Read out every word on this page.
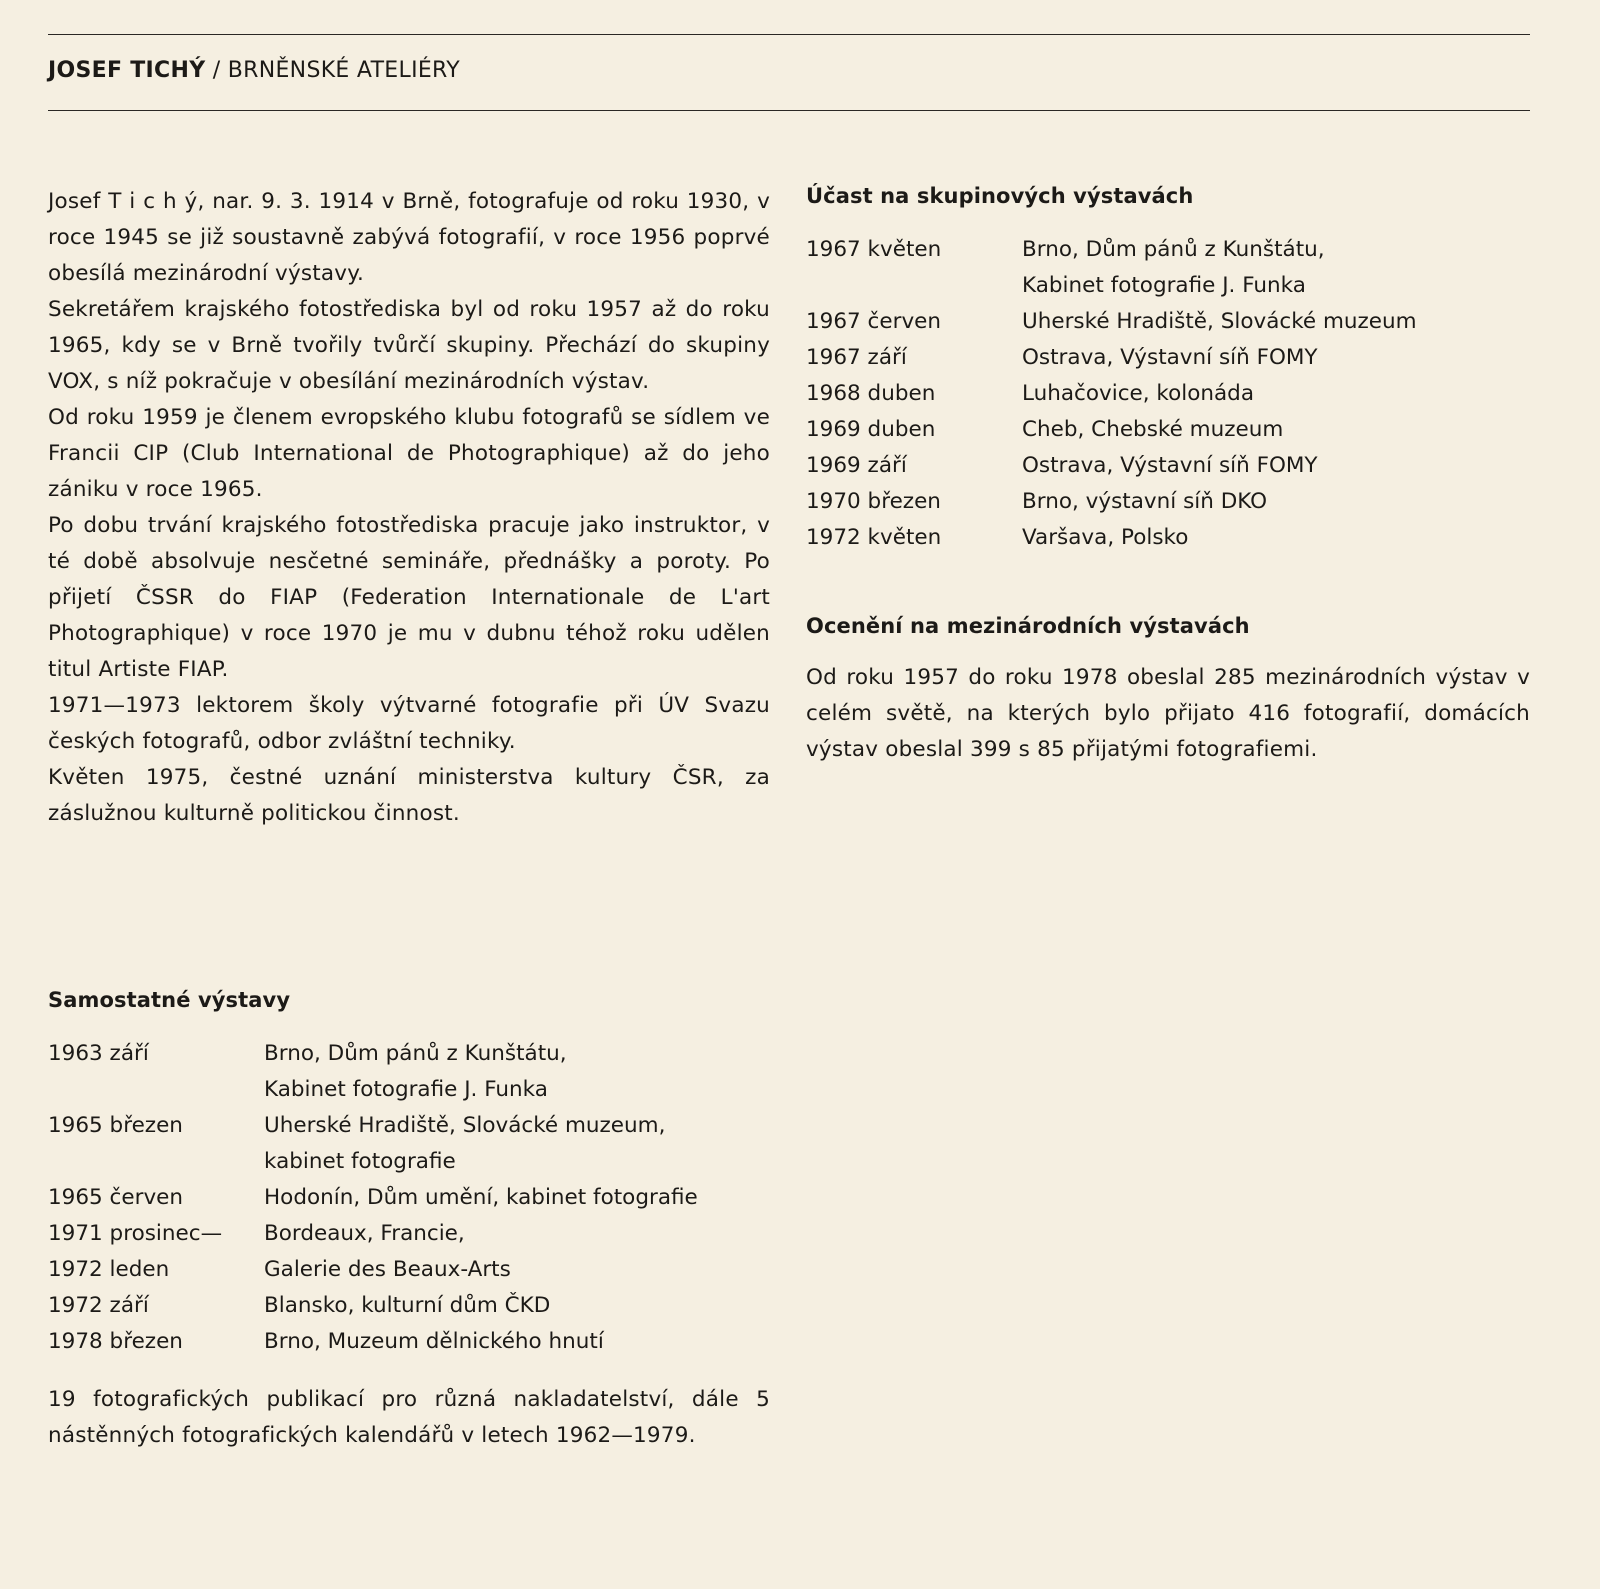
JOSEF TICHÝ / BRNĚNSKÉ ATELIÉRY

Josef T i c h ý, nar. 9. 3. 1914 v Brně, fotografuje od roku 1930, v roce 1945 se již soustavně zabývá fotografií, v roce 1956 poprvé obesílá mezinárodní výstavy.

Sekretářem krajského fotostřediska byl od roku 1957 až do roku 1965, kdy se v Brně tvořily tvůrčí skupiny. Přechází do skupiny VOX, s níž pokračuje v obesílání mezinárodních výstav.

Od roku 1959 je členem evropského klubu fotografů se sídlem ve Francii CIP (Club International de Photographique) až do jeho zániku v roce 1965.

Po dobu trvání krajského fotostřediska pracuje jako instruktor, v té době absolvuje nesčetné semináře, přednášky a poroty. Po přijetí ČSSR do FIAP (Federation Internationale de L'art Photographique) v roce 1970 je mu v dubnu téhož roku udělen titul Artiste FIAP.

1971—1973 lektorem školy výtvarné fotografie při ÚV Svazu českých fotografů, odbor zvláštní techniky.

Květen 1975, čestné uznání ministerstva kultury ČSR, za záslužnou kulturně politickou činnost.

Účast na skupinových výstavách
1967 květen	Brno, Dům pánů z Kunštátu,
Kabinet fotografie J. Funka
1967 červen	Uherské Hradiště, Slovácké muzeum
1967 září	Ostrava, Výstavní síň FOMY
1968 duben	Luhačovice, kolonáda
1969 duben	Cheb, Chebské muzeum
1969 září	Ostrava, Výstavní síň FOMY
1970 březen	Brno, výstavní síň DKO
1972 květen	Varšava, Polsko
Ocenění na mezinárodních výstavách

Od roku 1957 do roku 1978 obeslal 285 mezinárodních výstav v celém světě, na kterých bylo přijato 416 fotografií, domácích výstav obeslal 399 s 85 přijatými fotografiemi.

Samostatné výstavy
1963 září	Brno, Dům pánů z Kunštátu,
Kabinet fotografie J. Funka
1965 březen	Uherské Hradiště, Slovácké muzeum,
kabinet fotografie
1965 červen	Hodonín, Dům umění, kabinet fotografie
1971 prosinec—	Bordeaux, Francie,
1972 leden	Galerie des Beaux-Arts
1972 září	Blansko, kulturní dům ČKD
1978 březen	Brno, Muzeum dělnického hnutí

19 fotografických publikací pro různá nakladatelství, dále 5 nástěnných fotografických kalendářů v letech 1962—1979.
